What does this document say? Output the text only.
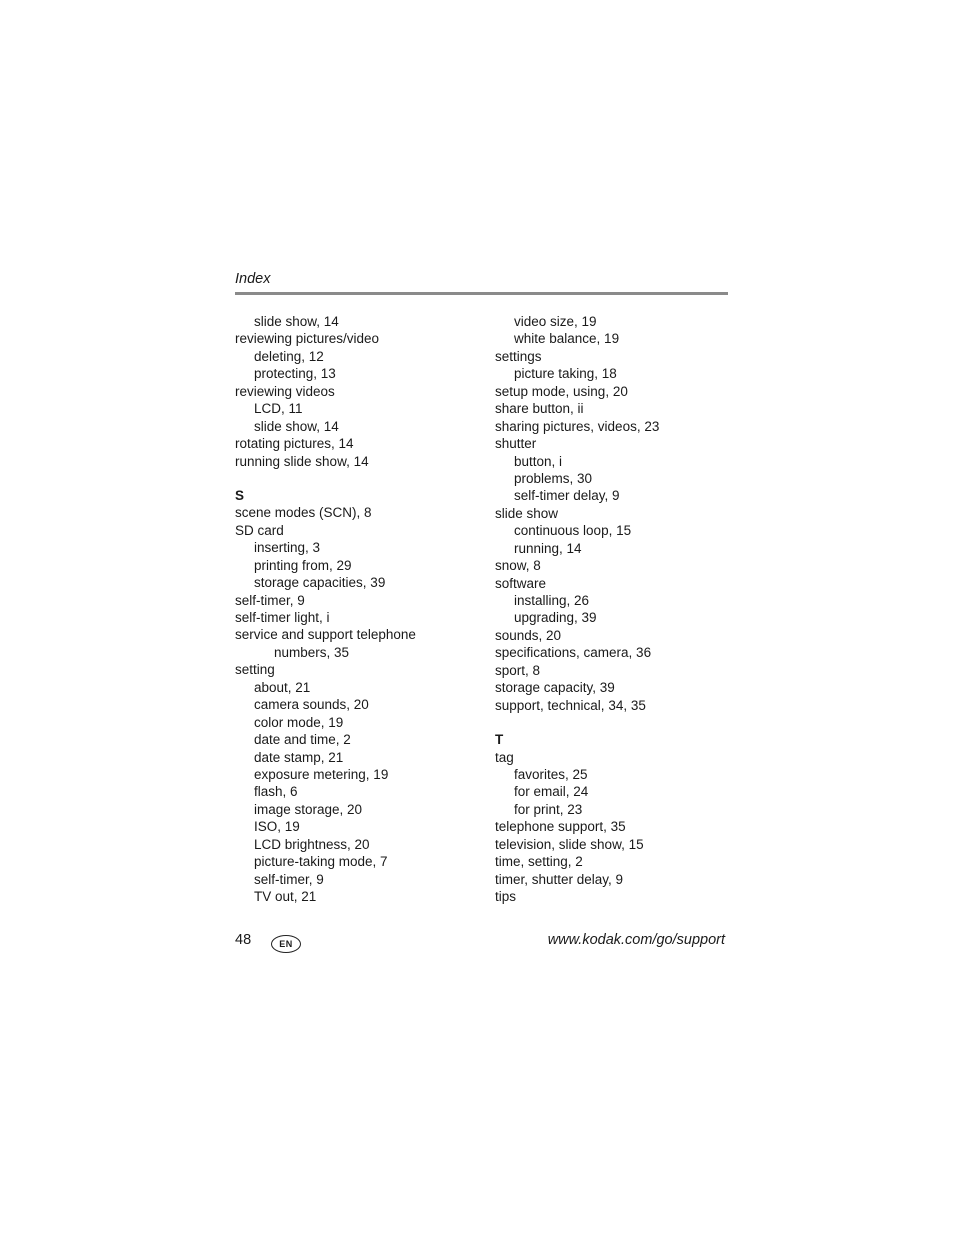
Index
slide show, 14
reviewing pictures/video
deleting, 12
protecting, 13
reviewing videos
LCD, 11
slide show, 14
rotating pictures, 14
running slide show, 14
S
scene modes (SCN), 8
SD card
inserting, 3
printing from, 29
storage capacities, 39
self-timer, 9
self-timer light, i
service and support telephone
numbers, 35
setting
about, 21
camera sounds, 20
color mode, 19
date and time, 2
date stamp, 21
exposure metering, 19
flash, 6
image storage, 20
ISO, 19
LCD brightness, 20
picture-taking mode, 7
self-timer, 9
TV out, 21
video size, 19
white balance, 19
settings
picture taking, 18
setup mode, using, 20
share button, ii
sharing pictures, videos, 23
shutter
button, i
problems, 30
self-timer delay, 9
slide show
continuous loop, 15
running, 14
snow, 8
software
installing, 26
upgrading, 39
sounds, 20
specifications, camera, 36
sport, 8
storage capacity, 39
support, technical, 34, 35
T
tag
favorites, 25
for email, 24
for print, 23
telephone support, 35
television, slide show, 15
time, setting, 2
timer, shutter delay, 9
tips
48	EN	www.kodak.com/go/support
